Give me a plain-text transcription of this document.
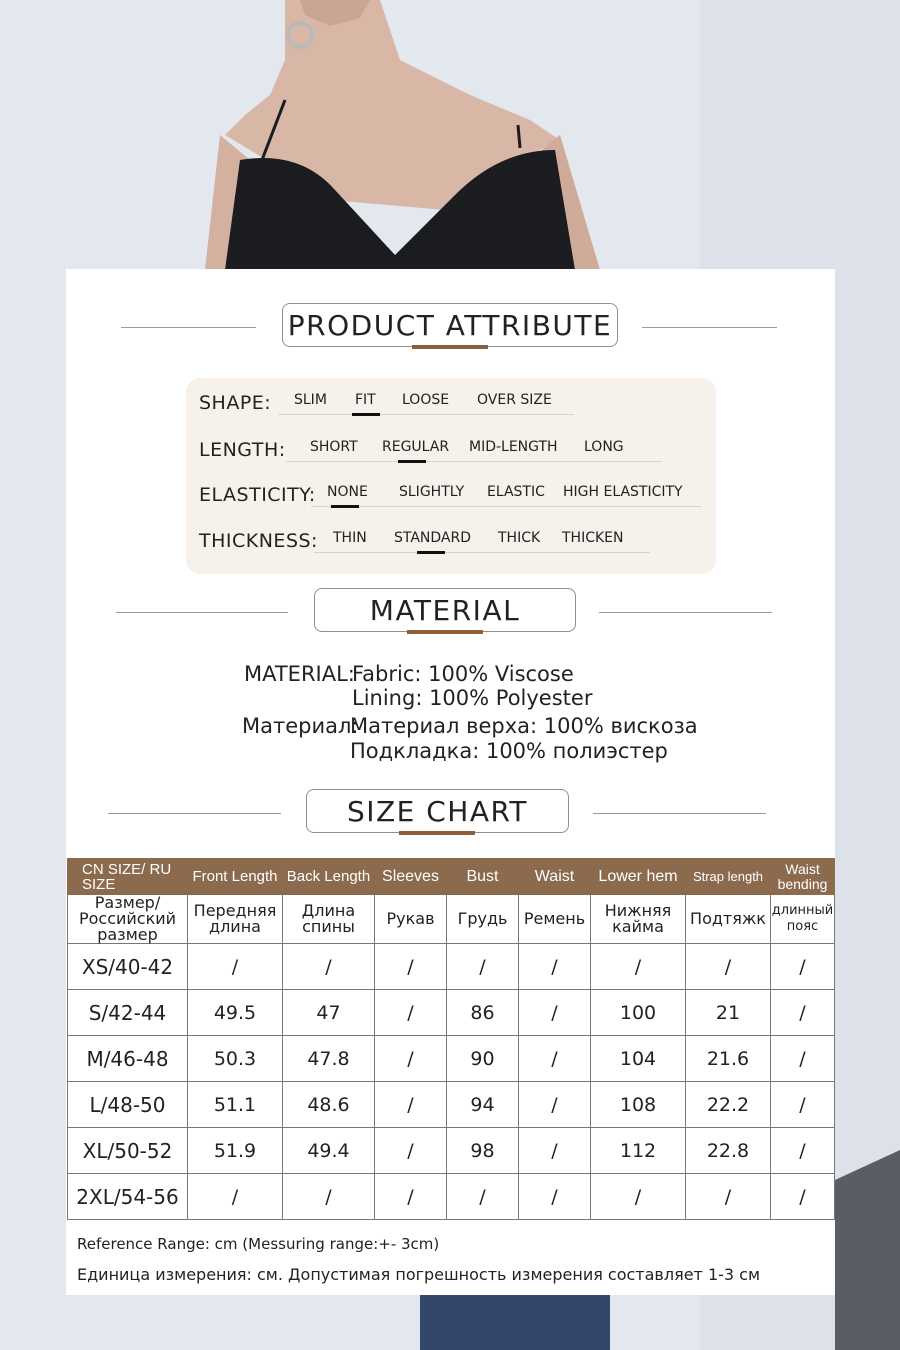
PRODUCT ATTRIBUTE
SHAPE: SLIM FIT LOOSE OVER SIZE
LENGTH: SHORT REGULAR MID-LENGTH LONG
ELASTICITY: NONE SLIGHTLY ELASTIC HIGH ELASTICITY
THICKNESS: THIN STANDARD THICK THICKEN
MATERIAL
MATERIAL:
Fabric: 100% Viscose
Lining: 100% Polyester
Материал:
Материал верха: 100% вискоза
Подкладка: 100% полиэстер
SIZE CHART
CN SIZE/ RU SIZE	Front Length	Back Length	Sleeves	Bust	Waist	Lower hem	Strap length	Waist bending
Размер/ Российский размер	Передняя длина	Длина спины	Рукав	Грудь	Ремень	Нижняя кайма	Подтяжк	длинный пояс
XS/40-42	/	/	/	/	/	/	/	/
S/42-44	49.5	47	/	86	/	100	21	/
M/46-48	50.3	47.8	/	90	/	104	21.6	/
L/48-50	51.1	48.6	/	94	/	108	22.2	/
XL/50-52	51.9	49.4	/	98	/	112	22.8	/
2XL/54-56	/	/	/	/	/	/	/	/
Reference Range: cm (Messuring range:+- 3cm)
Единица измерения: см. Допустимая погрешность измерения составляет 1-3 см
